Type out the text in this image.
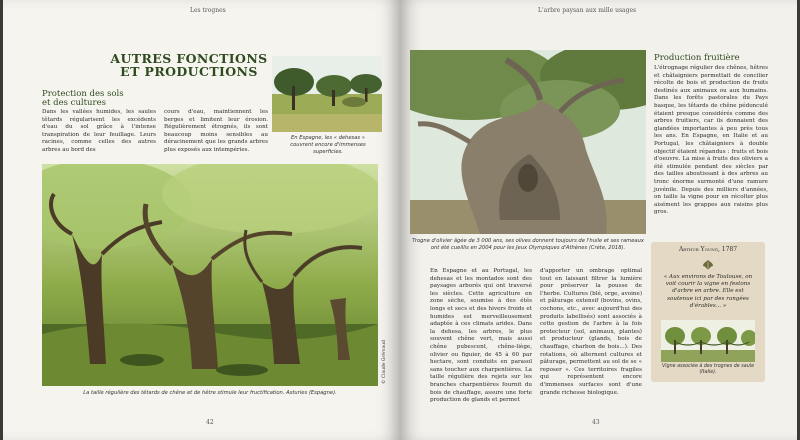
Les trognes
AUTRES FONCTIONS ET PRODUCTIONS
Protection des sols
et des cultures
Dans les vallées humides, les saules têtards régularisent les excédents d'eau du sol grâce à l'intense transpiration de leur feuillage. Leurs racines, comme celles des autres arbres au bord des
cours d'eau, maintiennent les berges et limitent leur érosion. Régulièrement étrognés, ils sont beaucoup moins sensibles au déracinement que les grands arbres plus exposés aux intempéries.
En Espagne, les « dehesas » couvrent encore d'immenses superficies.
© Claude Grémaud
La taille régulière des têtards de chêne et de hêtre stimule leur fructification. Asturies (Espagne).
42
L'arbre paysan aux mille usages
Trogne d'olivier âgée de 3 000 ans, ses olives donnent toujours de l'huile et ses rameaux ont été cueillis en 2004 pour les Jeux Olympiques d'Athènes (Crète, 2018).
Production fruitière
L'étrognage régulier des chênes, hêtres et châtaigniers permettait de concilier récolte de bois et production de fruits destinés aux animaux ou aux humains. Dans les forêts pastorales du Pays basque, les têtards de chêne pédonculé étaient presque considérés comme des arbres fruitiers, car ils donnaient des glandées importantes à peu près tous les ans. En Espagne, en Italie et au Portugal, les châtaigniers à double objectif étaient répandus : fruits et bois d'oeuvre. La mise à fruits des oliviers a été stimulée pendant des siècles par des tailles aboutissant à des arbres au tronc énorme surmonté d'une ramure juvénile. Depuis des milliers d'années, on taille la vigne pour en récolter plus aisément les grappes aux raisins plus gros.
En Espagne et au Portugal, les dehesas et les montados sont des paysages arborés qui ont traversé les siècles. Cette agriculture en zone sèche, soumise à des étés longs et secs et des hivers froids et humides est merveilleusement adaptée à ces climats arides. Dans la dehesa, les arbres, le plus souvent chêne vert, mais aussi chêne pubescent, chêne-liège, olivier ou figuier, de 45 à 60 par hectare, sont conduits en parasol sans toucher aux charpentières. La taille régulière des rejets sur les branches charpentières fournit du bois de chauffage, assure une forte production de glands et permet
d'apporter un ombrage optimal tout en laissant filtrer la lumière pour préserver la pousse de l'herbe. Cultures (blé, orge, avoine) et pâturage extensif (bovins, ovins, cochons, etc., avec aujourd'hui des produits labellisés) sont associés à cette gestion de l'arbre à la fois protecteur (sol, animaux, plantes) et producteur (glands, bois de chauffage, charbon de bois...). Des rotations, où alternent cultures et pâturage, permettent au sol de se « reposer ». Ces territoires fragiles qui représentent encore d'immenses surfaces sont d'une grande richesse biologique.
Arthur Young, 1787
« Aux environs de Toulouse, on voit courir la vigne en festons d'arbre en arbre. Elle est soutenue ici par des rangées d'érables... »
Vigne associée à des trognes de saule (Italie).
43
